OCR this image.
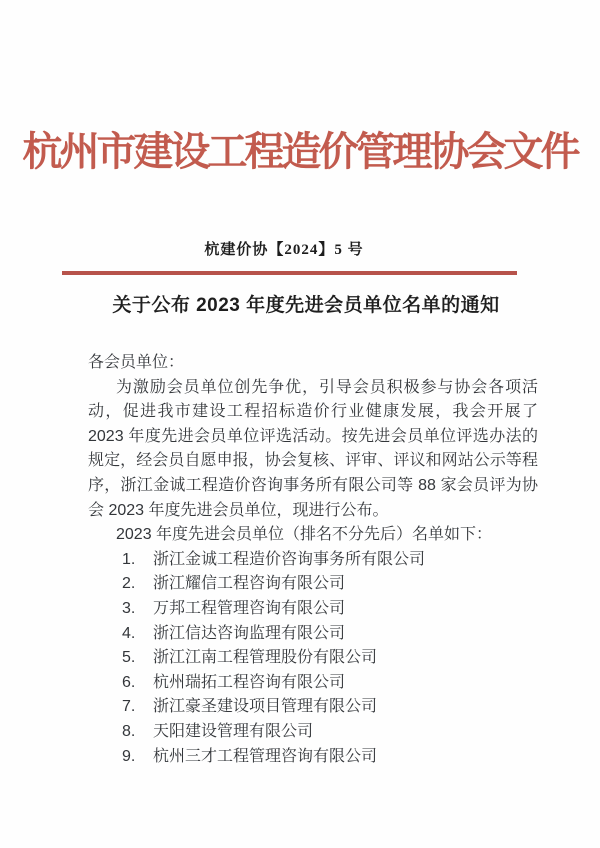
杭州市建设工程造价管理协会文件
杭建价协【2024】5 号
关于公布 2023 年度先进会员单位名单的通知
各会员单位：

为激励会员单位创先争优，引导会员积极参与协会各项活动，促进我市建设工程招标造价行业健康发展，我会开展了 2023 年度先进会员单位评选活动。按先进会员单位评选办法的规定，经会员自愿申报，协会复核、评审、评议和网站公示等程序，浙江金诚工程造价咨询事务所有限公司等 88 家会员评为协会 2023 年度先进会员单位，现进行公布。

2023 年度先进会员单位（排名不分先后）名单如下：

1.	浙江金诚工程造价咨询事务所有限公司
2.	浙江耀信工程咨询有限公司
3.	万邦工程管理咨询有限公司
4.	浙江信达咨询监理有限公司
5.	浙江江南工程管理股份有限公司
6.	杭州瑞拓工程咨询有限公司
7.	浙江豪圣建设项目管理有限公司
8.	天阳建设管理有限公司
9.	杭州三才工程管理咨询有限公司
